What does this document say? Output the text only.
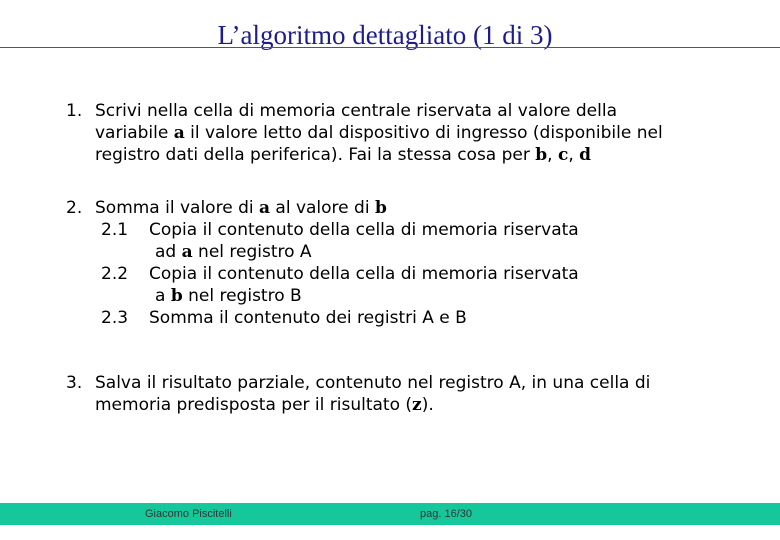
L’algoritmo dettagliato (1 di 3)
1. Scrivi nella cella di memoria centrale riservata al valore della
variabile a il valore letto dal dispositivo di ingresso (disponibile nel
registro dati della periferica). Fai la stessa cosa per b, c, d
2. Somma il valore di a al valore di b
2.1 Copia il contenuto della cella di memoria riservata
ad a nel registro A
2.2 Copia il contenuto della cella di memoria riservata
a b nel registro B
2.3 Somma il contenuto dei registri A e B
3. Salva il risultato parziale, contenuto nel registro A, in una cella di
memoria predisposta per il risultato (z).
Giacomo Piscitelli	pag. 16/30
